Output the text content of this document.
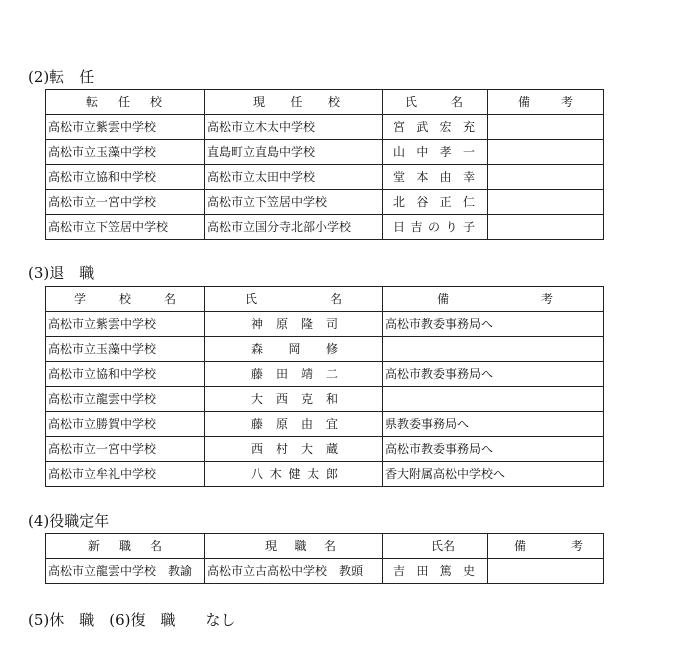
(2)転　任
転任校	現任校	氏名	備考
高松市立紫雲中学校	高松市立木太中学校	宮武宏充	
高松市立玉藻中学校	直島町立直島中学校	山中孝一	
高松市立協和中学校	高松市立太田中学校	堂本由幸	
高松市立一宮中学校	高松市立下笠居中学校	北谷正仁	
高松市立下笠居中学校	高松市立国分寺北部小学校	日吉のり子	
(3)退　職
学校名	氏名	備考
高松市立紫雲中学校	神原隆司	高松市教委事務局へ
高松市立玉藻中学校	森岡修	
高松市立協和中学校	藤田靖二	高松市教委事務局へ
高松市立龍雲中学校	大西克和	
高松市立勝賀中学校	藤原由宜	県教委事務局へ
高松市立一宮中学校	西村大蔵	高松市教委事務局へ
高松市立牟礼中学校	八木健太郎	香大附属高松中学校へ
(4)役職定年
新職名	現職名	氏名	備考
高松市立龍雲中学校　教諭	高松市立古高松中学校　教頭	吉田篤史	
(5)休　職　(6)復　職　　なし
